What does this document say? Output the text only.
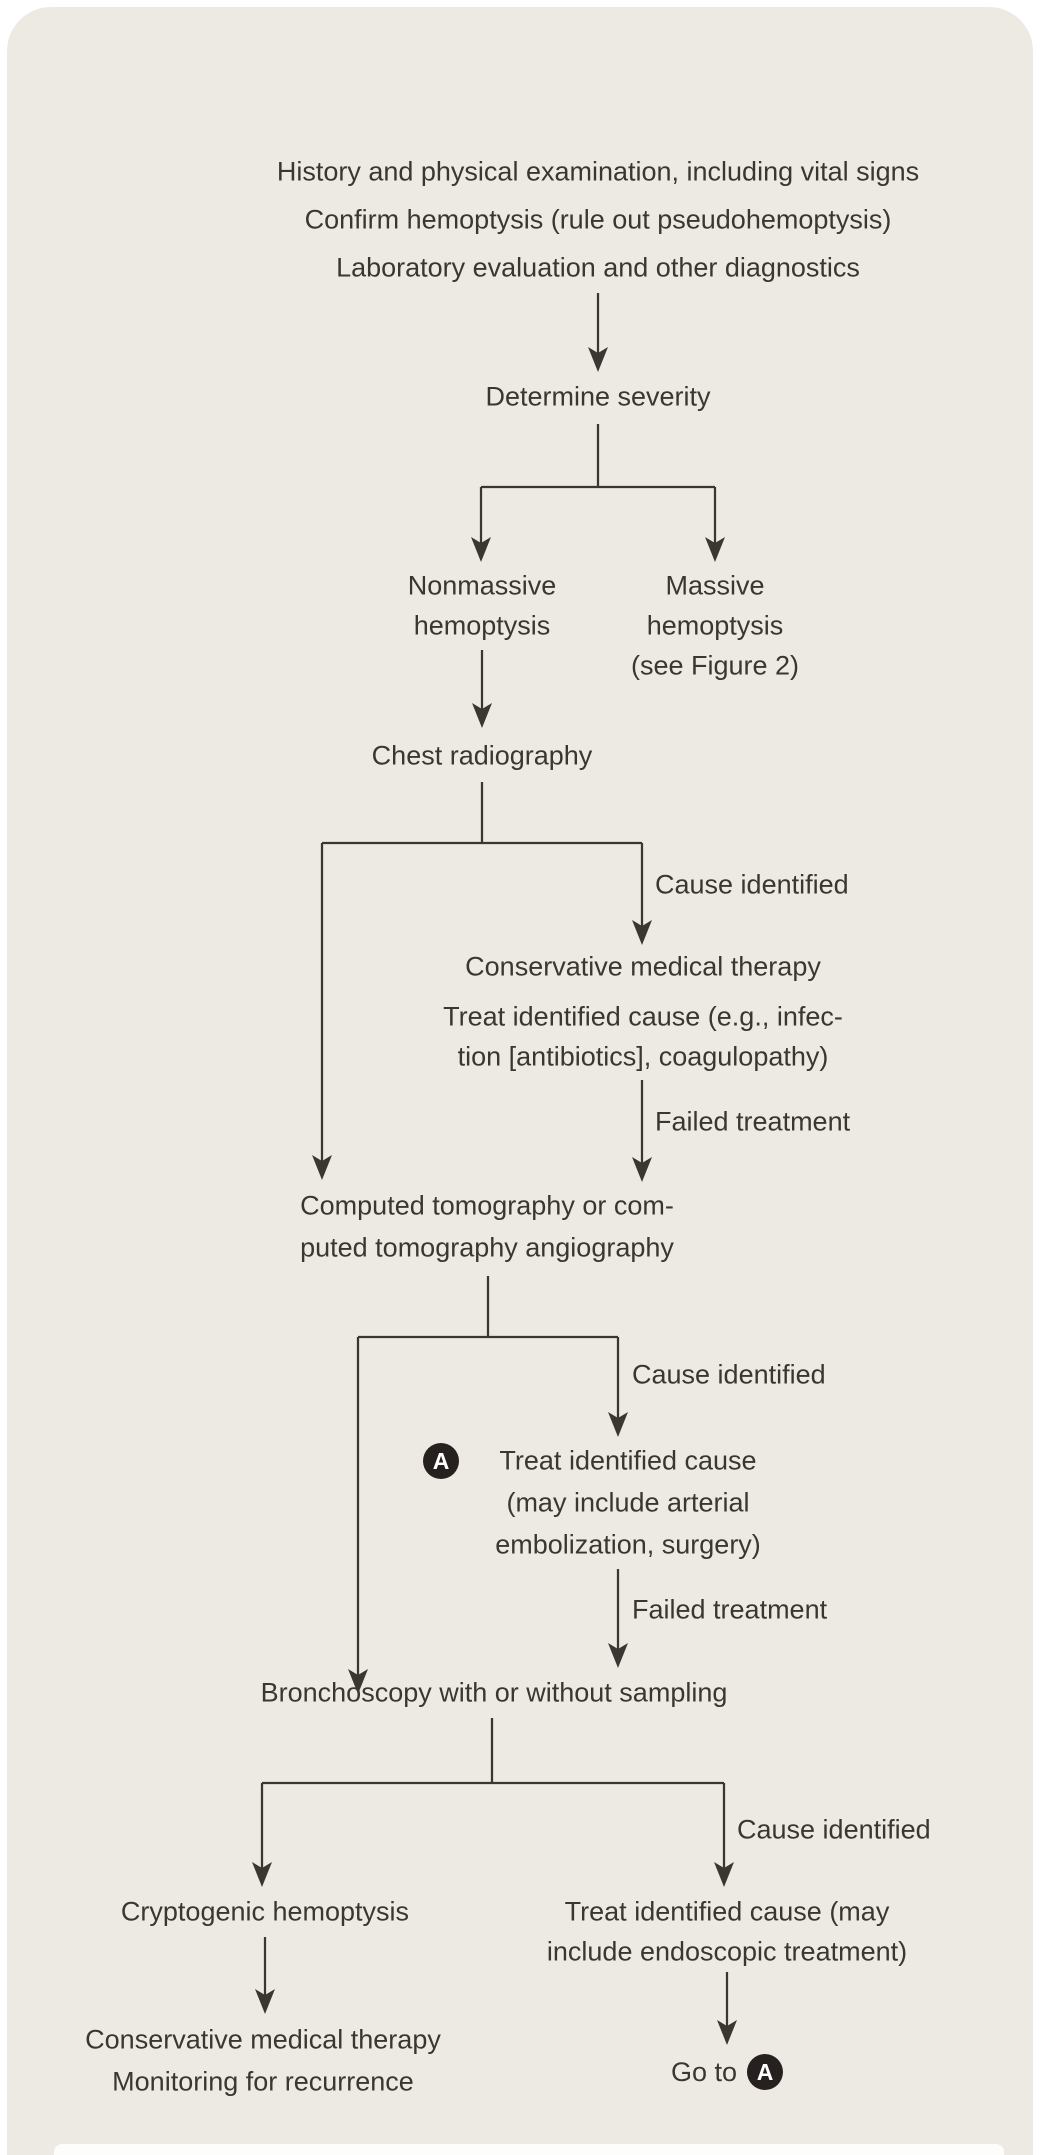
History and physical examination, including vital signs
Confirm hemoptysis (rule out pseudohemoptysis)
Laboratory evaluation and other diagnostics
Determine severity
Nonmassive
hemoptysis
Massive
hemoptysis
(see Figure 2)
Chest radiography
Cause identified
Conservative medical therapy
Treat identified cause (e.g., infec-
tion [antibiotics], coagulopathy)
Failed treatment
Computed tomography or com-
puted tomography angiography
Cause identified
A	Treat identified cause
(may include arterial
embolization, surgery)
Failed treatment
Bronchoscopy with or without sampling
Cause identified
Cryptogenic hemoptysis	Treat identified cause (may
include endoscopic treatment)
Conservative medical therapy
Monitoring for recurrence	Go to A
